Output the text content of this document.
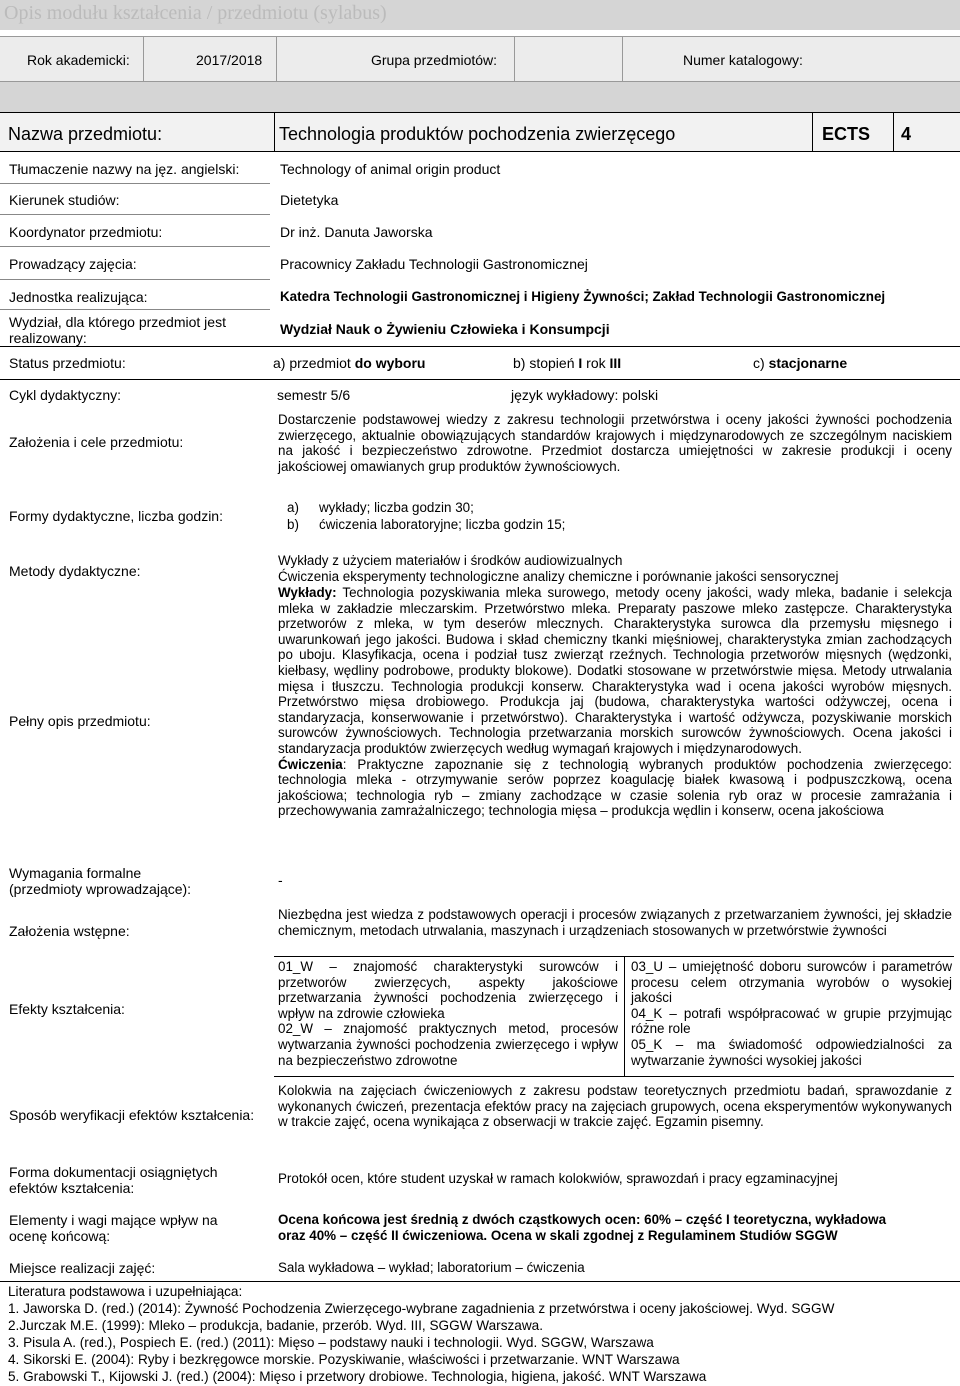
Opis modułu kształcenia / przedmiotu (sylabus)
Rok akademicki:	2017/2018	Grupa przedmiotów:	Numer katalogowy:
Nazwa przedmiotu:	Technologia produktów pochodzenia zwierzęcego	ECTS 4
Tłumaczenie nazwy na jęz. angielski:	Technology of animal origin product
Kierunek studiów:	Dietetyka
Koordynator przedmiotu:	Dr inż. Danuta Jaworska
Prowadzący zajęcia:	Pracownicy Zakładu Technologii Gastronomicznej
Jednostka realizująca:	Katedra Technologii Gastronomicznej i Higieny Żywności; Zakład Technologii Gastronomicznej
Wydział, dla którego przedmiot jest
realizowany:
Wydział Nauk o Żywieniu Człowieka i Konsumpcji
Status przedmiotu:	a) przedmiot do wyboru	b) stopień I rok III	c) stacjonarne
Cykl dydaktyczny:	semestr 5/6	język wykładowy: polski
Założenia i cele przedmiotu:
Dostarczenie podstawowej wiedzy z zakresu technologii przetwórstwa i oceny jakości żywności pochodzenia zwierzęcego, aktualnie obowiązujących standardów krajowych i międzynarodowych ze szczególnym naciskiem na jakość i bezpieczeństwo zdrowotne. Przedmiot dostarcza umiejętności w zakresie produkcji i oceny jakościowej omawianych grup produktów żywnościowych.
Formy dydaktyczne, liczba godzin:
a) wykłady; liczba godzin 30;
b) ćwiczenia laboratoryjne; liczba godzin 15;
Metody dydaktyczne:
Wykłady z użyciem materiałów i środków audiowizualnych
Ćwiczenia eksperymenty technologiczne analizy chemiczne i porównanie jakości sensorycznej
Pełny opis przedmiotu:

Wykłady: Technologia pozyskiwania mleka surowego, metody oceny jakości, wady mleka, badanie i selekcja mleka w zakładzie mleczarskim. Przetwórstwo mleka. Preparaty paszowe mleko zastępcze. Charakterystyka przetworów z mleka, w tym deserów mlecznych. Charakterystyka surowca dla przemysłu mięsnego i uwarunkowań jego jakości. Budowa i skład chemiczny tkanki mięśniowej, charakterystyka zmian zachodzących po uboju. Klasyfikacja, ocena i podział tusz zwierząt rzeźnych. Technologia przetworów mięsnych (wędzonki, kiełbasy, wędliny podrobowe, produkty blokowe). Dodatki stosowane w przetwórstwie mięsa. Metody utrwalania mięsa i tłuszczu. Technologia produkcji konserw. Charakterystyka wad i ocena jakości wyrobów mięsnych. Przetwórstwo mięsa drobiowego. Produkcja jaj (budowa, charakterystyka wartości odżywczej, ocena i standaryzacja, konserwowanie i przetwórstwo). Charakterystyka i wartość odżywcza, pozyskiwanie morskich surowców żywnościowych. Technologia przetwarzania morskich surowców żywnościowych. Ocena jakości i standaryzacja produktów zwierzęcych według wymagań krajowych i międzynarodowych.

Ćwiczenia: Praktyczne zapoznanie się z technologią wybranych produktów pochodzenia zwierzęcego: technologia mleka - otrzymywanie serów poprzez koagulację białek kwasową i podpuszczkową, ocena jakościowa; technologia ryb – zmiany zachodzące w czasie solenia ryb oraz w procesie zamrażania i przechowywania zamrażalniczego; technologia mięsa – produkcja wędlin i konserw, ocena jakościowa

Wymagania formalne
(przedmioty wprowadzające):
-
Założenia wstępne:
Niezbędna jest wiedza z podstawowych operacji i procesów związanych z przetwarzaniem żywności, jej składzie chemicznym, metodach utrwalania, maszynach i urządzeniach stosowanych w przetwórstwie żywności
Efekty kształcenia:

01_W – znajomość charakterystyki surowców i przetworów zwierzęcych, aspekty jakościowe przetwarzania żywności pochodzenia zwierzęcego i wpływ na zdrowie człowieka

02_W – znajomość praktycznych metod, procesów wytwarzania żywności pochodzenia zwierzęcego i wpływ na bezpieczeństwo zdrowotne

03_U – umiejętność doboru surowców i parametrów procesu celem otrzymania wyrobów o wysokiej jakości

04_K – potrafi współpracować w grupie przyjmując różne role

05_K – ma świadomość odpowiedzialności za wytwarzanie żywności wysokiej jakości

Sposób weryfikacji efektów kształcenia:
Kolokwia na zajęciach ćwiczeniowych z zakresu podstaw teoretycznych przedmiotu badań, sprawozdanie z wykonanych ćwiczeń, prezentacja efektów pracy na zajęciach grupowych, ocena eksperymentów wykonywanych w trakcie zajęć, ocena wynikająca z obserwacji w trakcie zajęć. Egzamin pisemny.
Forma dokumentacji osiągniętych
efektów kształcenia:
Protokół ocen, które student uzyskał w ramach kolokwiów, sprawozdań i pracy egzaminacyjnej
Elementy i wagi mające wpływ na
ocenę końcową:
Ocena końcowa jest średnią z dwóch cząstkowych ocen: 60% – część I teoretyczna, wykładowa
oraz 40% – część II ćwiczeniowa. Ocena w skali zgodnej z Regulaminem Studiów SGGW
Miejsce realizacji zajęć:	Sala wykładowa – wykład; laboratorium – ćwiczenia
Literatura podstawowa i uzupełniająca:
1. Jaworska D. (red.) (2014): Żywność Pochodzenia Zwierzęcego-wybrane zagadnienia z przetwórstwa i oceny jakościowej. Wyd. SGGW
2.Jurczak M.E. (1999): Mleko – produkcja, badanie, przerób. Wyd. III, SGGW Warszawa.
3. Pisula A. (red.), Pospiech E. (red.) (2011): Mięso – podstawy nauki i technologii. Wyd. SGGW, Warszawa
4. Sikorski E. (2004): Ryby i bezkręgowce morskie. Pozyskiwanie, właściwości i przetwarzanie. WNT Warszawa
5. Grabowski T., Kijowski J. (red.) (2004): Mięso i przetwory drobiowe. Technologia, higiena, jakość. WNT Warszawa
